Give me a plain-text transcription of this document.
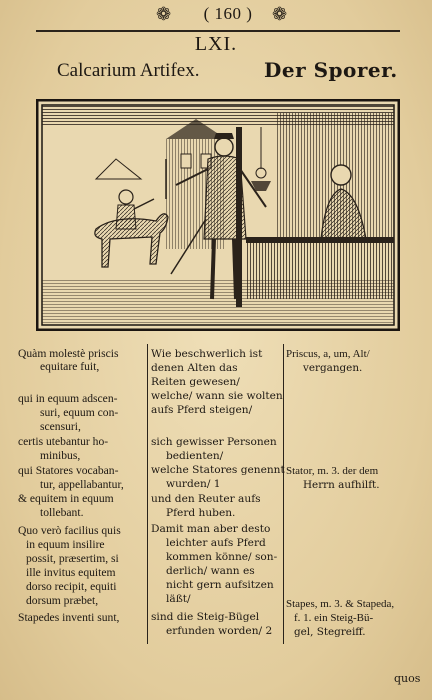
❁	( 160 )	❁
LXI.
Calcarium Artifex.	Der Sporer.
Quàm molestè priscis
equitare fuit,
qui in equum adscen-
suri, equum con-
scensuri,
certis utebantur ho-
minibus,
qui Statores vocaban-
tur, appellabantur,
& equitem in equum
tollebant.
Quo verò facilius quis
in equum insilire
possit, præsertim, si
ille invitus equitem
dorso recipit, equiti
dorsum præbet,
Stapedes inventi sunt,
Wie beschwerlich ist
denen Alten das
Reiten gewesen/
welche/ wann sie wolten
aufs Pferd steigen/
sich gewisser Personen
bedienten/
welche Statores genennt
wurden/ 1
und den Reuter aufs
Pferd huben.
Damit man aber desto
leichter aufs Pferd
kommen könne/ son-
derlich/ wann es
nicht gern aufsitzen
läßt/
sind die Steig-Bügel
erfunden worden/ 2
Priscus, a, um, Alt/
vergangen.
Stator, m. 3. der dem
Herrn aufhilft.
Stapes, m. 3. & Stapeda,
f. 1. ein Steig-Bü-
gel, Stegreiff.
quos
